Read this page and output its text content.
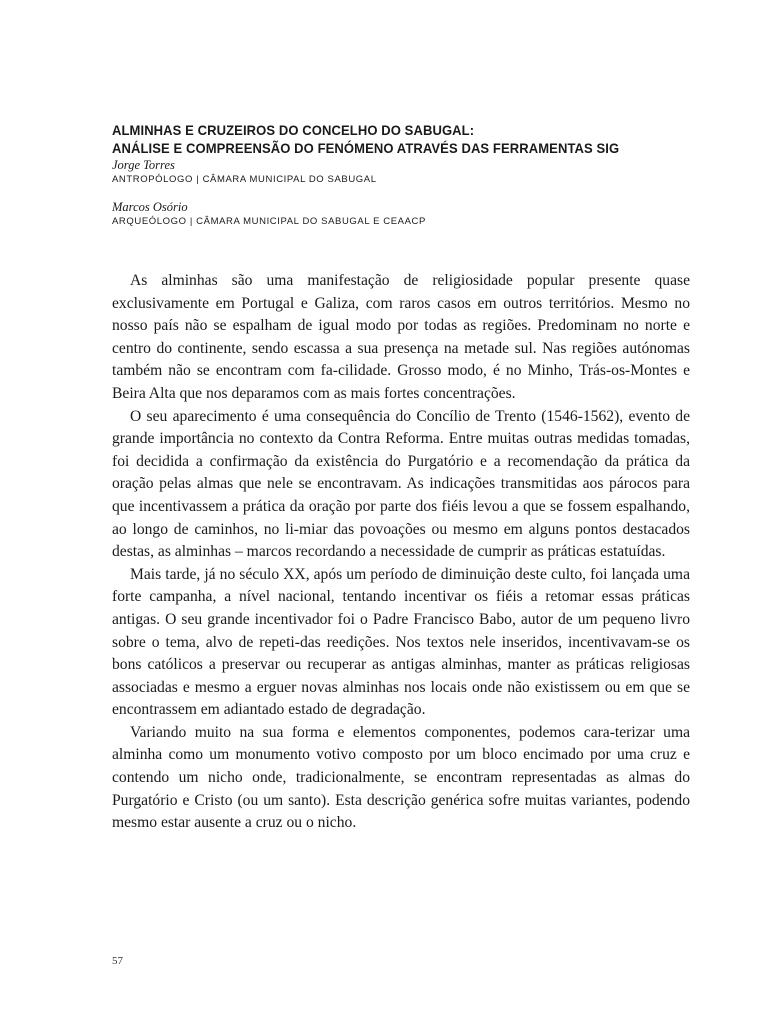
ALMINHAS E CRUZEIROS DO CONCELHO DO SABUGAL:

ANÁLISE E COMPREENSÃO DO FENÓMENO ATRAVÉS DAS FERRAMENTAS SIG

Jorge Torres

ANTROPÓLOGO | CÂMARA MUNICIPAL DO SABUGAL

Marcos Osório

ARQUEÓLOGO | CÂMARA MUNICIPAL DO SABUGAL E CEAACP

As alminhas são uma manifestação de religiosidade popular presente quase exclusivamente em Portugal e Galiza, com raros casos em outros territórios. Mesmo no nosso país não se espalham de igual modo por todas as regiões. Predominam no norte e centro do continente, sendo escassa a sua presença na metade sul. Nas regiões autónomas também não se encontram com fa-cilidade. Grosso modo, é no Minho, Trás-os-Montes e Beira Alta que nos deparamos com as mais fortes concentrações.

O seu aparecimento é uma consequência do Concílio de Trento (1546-1562), evento de grande importância no contexto da Contra Reforma. Entre muitas outras medidas tomadas, foi decidida a confirmação da existência do Purgatório e a recomendação da prática da oração pelas almas que nele se encontravam. As indicações transmitidas aos párocos para que incentivassem a prática da oração por parte dos fiéis levou a que se fossem espalhando, ao longo de caminhos, no li-miar das povoações ou mesmo em alguns pontos destacados destas, as alminhas – marcos recordando a necessidade de cumprir as práticas estatuídas.

Mais tarde, já no século XX, após um período de diminuição deste culto, foi lançada uma forte campanha, a nível nacional, tentando incentivar os fiéis a retomar essas práticas antigas. O seu grande incentivador foi o Padre Francisco Babo, autor de um pequeno livro sobre o tema, alvo de repeti-das reedições. Nos textos nele inseridos, incentivavam-se os bons católicos a preservar ou recuperar as antigas alminhas, manter as práticas religiosas associadas e mesmo a erguer novas alminhas nos locais onde não existissem ou em que se encontrassem em adiantado estado de degradação.

Variando muito na sua forma e elementos componentes, podemos cara-terizar uma alminha como um monumento votivo composto por um bloco encimado por uma cruz e contendo um nicho onde, tradicionalmente, se encontram representadas as almas do Purgatório e Cristo (ou um santo). Esta descrição genérica sofre muitas variantes, podendo mesmo estar ausente a cruz ou o nicho.

57
